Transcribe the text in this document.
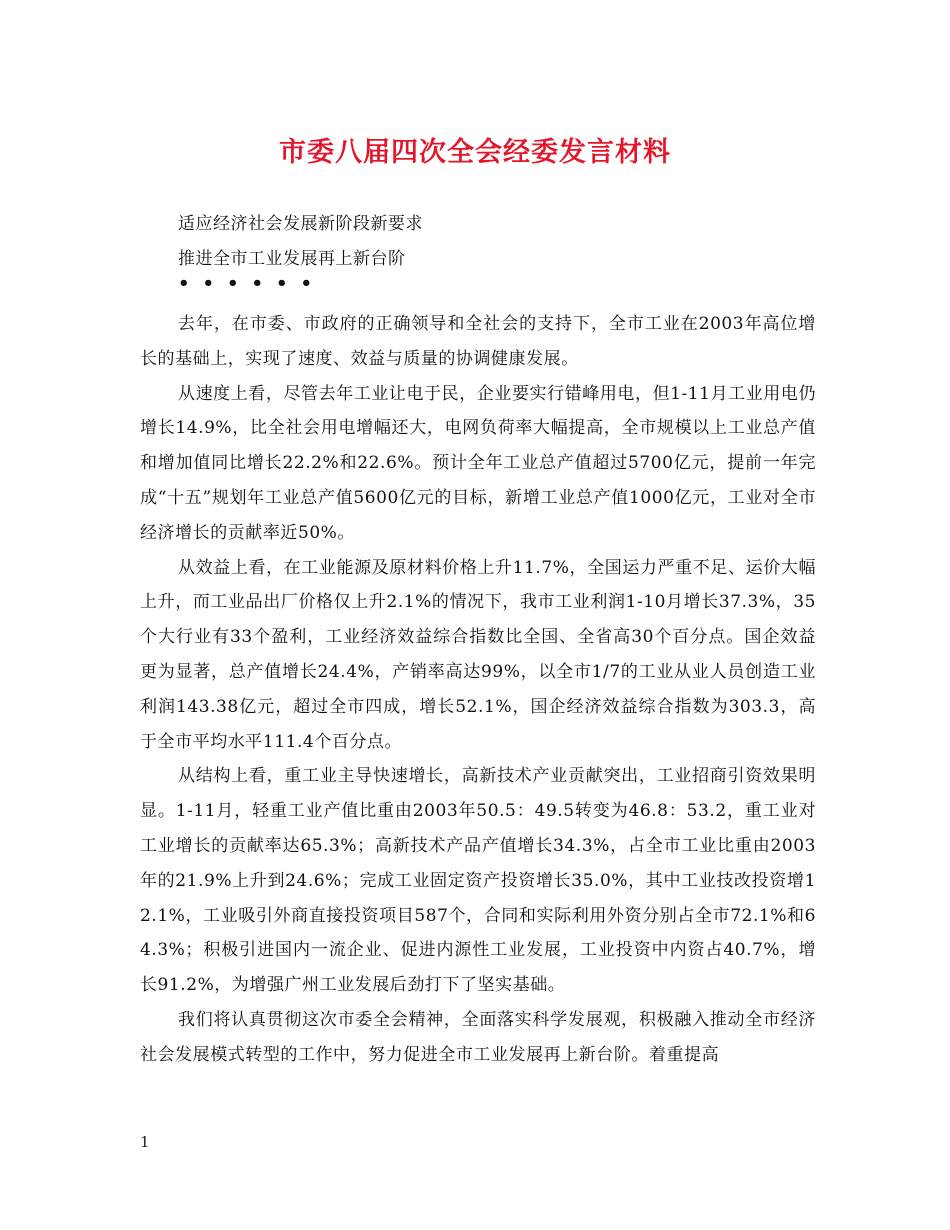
市委八届四次全会经委发言材料
适应经济社会发展新阶段新要求
推进全市工业发展再上新台阶
••••••

去年，在市委、市政府的正确领导和全社会的支持下，全市工业在2003年高位增长的基础上，实现了速度、效益与质量的协调健康发展。

从速度上看，尽管去年工业让电于民，企业要实行错峰用电，但1-11月工业用电仍增长14.9%，比全社会用电增幅还大，电网负荷率大幅提高，全市规模以上工业总产值和增加值同比增长22.2%和22.6%。预计全年工业总产值超过5700亿元，提前一年完成“十五”规划年工业总产值5600亿元的目标，新增工业总产值1000亿元，工业对全市经济增长的贡献率近50%。

从效益上看，在工业能源及原材料价格上升11.7%，全国运力严重不足、运价大幅上升，而工业品出厂价格仅上升2.1%的情况下，我市工业利润1-10月增长37.3%，35个大行业有33个盈利，工业经济效益综合指数比全国、全省高30个百分点。国企效益更为显著，总产值增长24.4%，产销率高达99%，以全市1/7的工业从业人员创造工业利润143.38亿元，超过全市四成，增长52.1%，国企经济效益综合指数为303.3，高于全市平均水平111.4个百分点。

从结构上看，重工业主导快速增长，高新技术产业贡献突出，工业招商引资效果明显。1-11月，轻重工业产值比重由2003年50.5：49.5转变为46.8：53.2，重工业对工业增长的贡献率达65.3%；高新技术产品产值增长34.3%，占全市工业比重由2003年的21.9%上升到24.6%；完成工业固定资产投资增长35.0%，其中工业技改投资增12.1%，工业吸引外商直接投资项目587个，合同和实际利用外资分别占全市72.1%和64.3%；积极引进国内一流企业、促进内源性工业发展，工业投资中内资占40.7%，增长91.2%，为增强广州工业发展后劲打下了坚实基础。

我们将认真贯彻这次市委全会精神，全面落实科学发展观，积极融入推动全市经济社会发展模式转型的工作中，努力促进全市工业发展再上新台阶。着重提高

1
